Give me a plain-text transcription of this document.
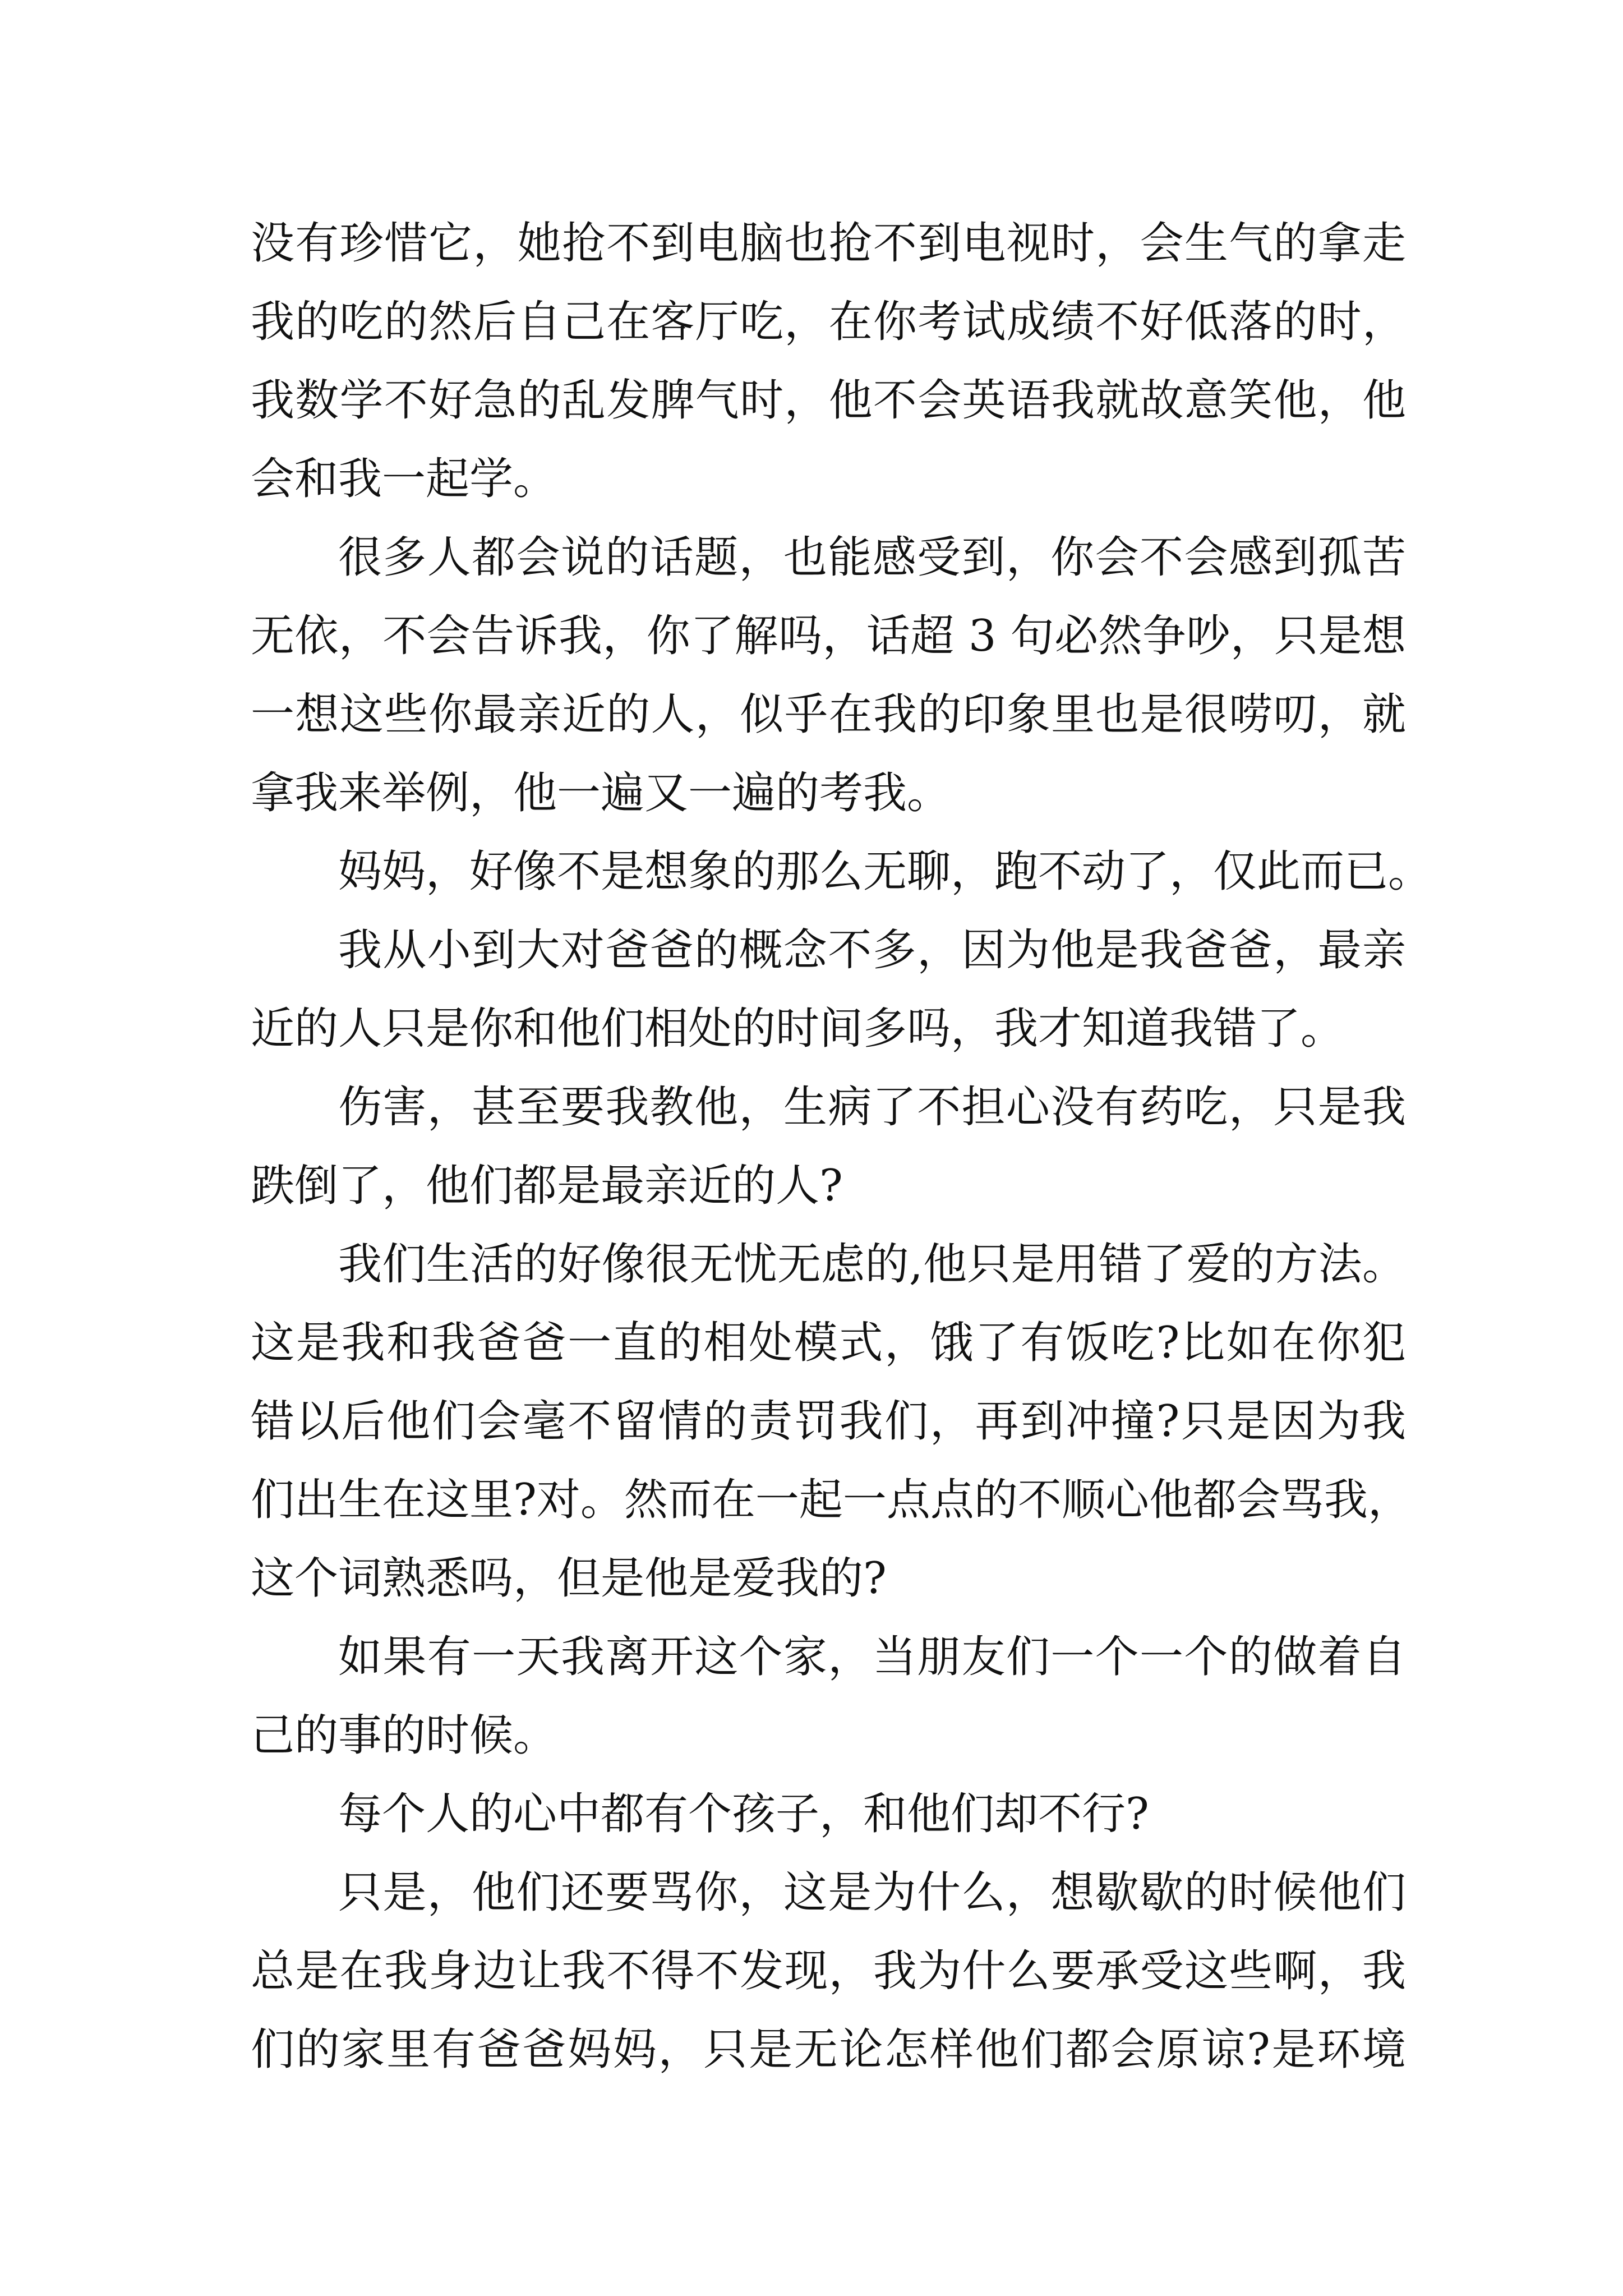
没有珍惜它，她抢不到电脑也抢不到电视时，会生气的拿走
我的吃的然后自己在客厅吃，在你考试成绩不好低落的时，
我数学不好急的乱发脾气时，他不会英语我就故意笑他，他
会和我一起学。
很多人都会说的话题，也能感受到，你会不会感到孤苦
无依，不会告诉我，你了解吗，话超 3 句必然争吵，只是想
一想这些你最亲近的人，似乎在我的印象里也是很唠叨，就
拿我来举例，他一遍又一遍的考我。
妈妈，好像不是想象的那么无聊，跑不动了，仅此而已。
我从小到大对爸爸的概念不多，因为他是我爸爸，最亲
近的人只是你和他们相处的时间多吗，我才知道我错了。
伤害，甚至要我教他，生病了不担心没有药吃，只是我
跌倒了，他们都是最亲近的人?
我们生活的好像很无忧无虑的,他只是用错了爱的方法。
这是我和我爸爸一直的相处模式，饿了有饭吃?比如在你犯
错以后他们会毫不留情的责罚我们，再到冲撞?只是因为我
们出生在这里?对。然而在一起一点点的不顺心他都会骂我，
这个词熟悉吗，但是他是爱我的?
如果有一天我离开这个家，当朋友们一个一个的做着自
己的事的时候。
每个人的心中都有个孩子，和他们却不行?
只是，他们还要骂你，这是为什么，想歇歇的时候他们
总是在我身边让我不得不发现，我为什么要承受这些啊，我
们的家里有爸爸妈妈，只是无论怎样他们都会原谅?是环境
